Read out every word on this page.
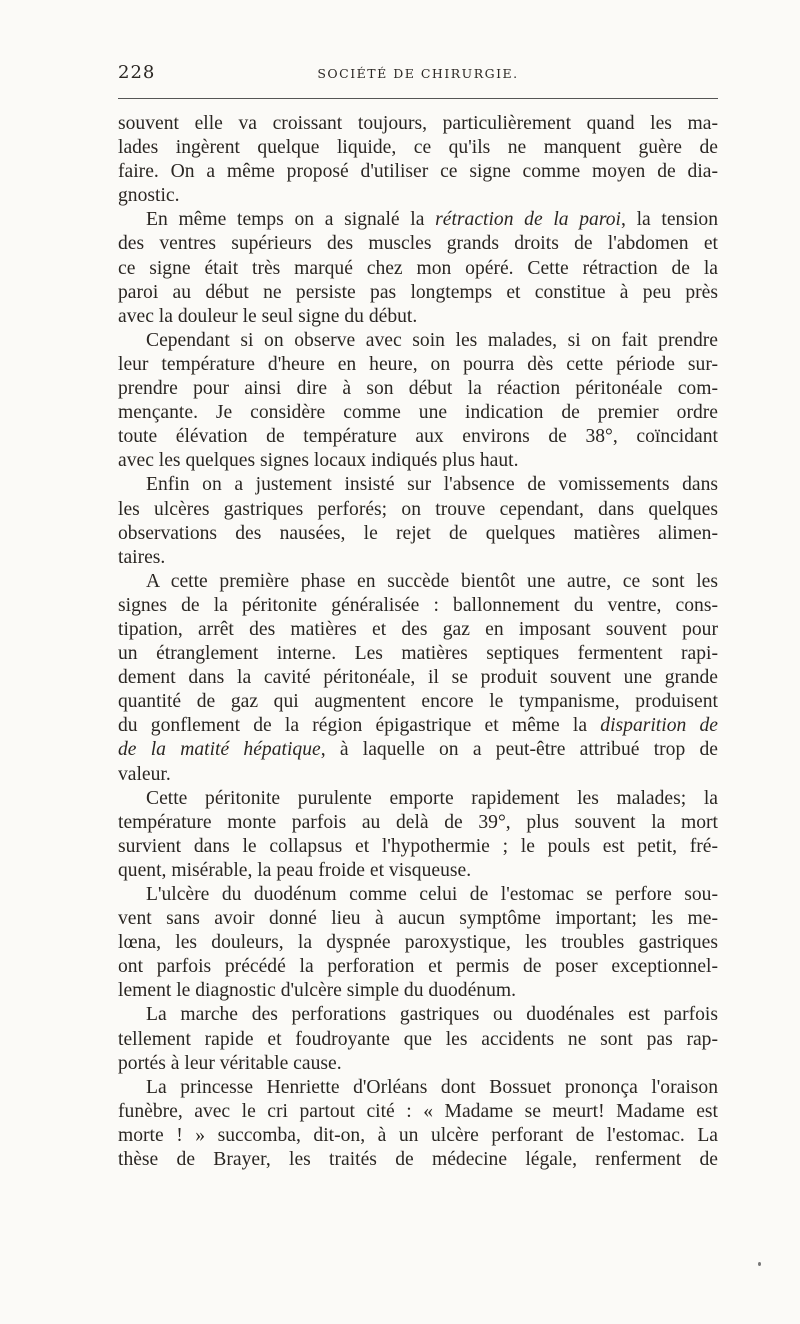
228	SOCIÉTÉ DE CHIRURGIE.
souvent elle va croissant toujours, particulièrement quand les ma-
lades ingèrent quelque liquide, ce qu'ils ne manquent guère de
faire. On a même proposé d'utiliser ce signe comme moyen de dia-
gnostic.
En même temps on a signalé la rétraction de la paroi, la tension
des ventres supérieurs des muscles grands droits de l'abdomen et
ce signe était très marqué chez mon opéré. Cette rétraction de la
paroi au début ne persiste pas longtemps et constitue à peu près
avec la douleur le seul signe du début.
Cependant si on observe avec soin les malades, si on fait prendre
leur température d'heure en heure, on pourra dès cette période sur-
prendre pour ainsi dire à son début la réaction péritonéale com-
mençante. Je considère comme une indication de premier ordre
toute élévation de température aux environs de 38°, coïncidant
avec les quelques signes locaux indiqués plus haut.
Enfin on a justement insisté sur l'absence de vomissements dans
les ulcères gastriques perforés; on trouve cependant, dans quelques
observations des nausées, le rejet de quelques matières alimen-
taires.
A cette première phase en succède bientôt une autre, ce sont les
signes de la péritonite généralisée : ballonnement du ventre, cons-
tipation, arrêt des matières et des gaz en imposant souvent pour
un étranglement interne. Les matières septiques fermentent rapi-
dement dans la cavité péritonéale, il se produit souvent une grande
quantité de gaz qui augmentent encore le tympanisme, produisent
du gonflement de la région épigastrique et même la disparition de
de la matité hépatique, à laquelle on a peut-être attribué trop de
valeur.
Cette péritonite purulente emporte rapidement les malades; la
température monte parfois au delà de 39°, plus souvent la mort
survient dans le collapsus et l'hypothermie ; le pouls est petit, fré-
quent, misérable, la peau froide et visqueuse.
L'ulcère du duodénum comme celui de l'estomac se perfore sou-
vent sans avoir donné lieu à aucun symptôme important; les me-
lœna, les douleurs, la dyspnée paroxystique, les troubles gastriques
ont parfois précédé la perforation et permis de poser exceptionnel-
lement le diagnostic d'ulcère simple du duodénum.
La marche des perforations gastriques ou duodénales est parfois
tellement rapide et foudroyante que les accidents ne sont pas rap-
portés à leur véritable cause.
La princesse Henriette d'Orléans dont Bossuet prononça l'oraison
funèbre, avec le cri partout cité : « Madame se meurt! Madame est
morte ! » succomba, dit-on, à un ulcère perforant de l'estomac. La
thèse de Brayer, les traités de médecine légale, renferment de
